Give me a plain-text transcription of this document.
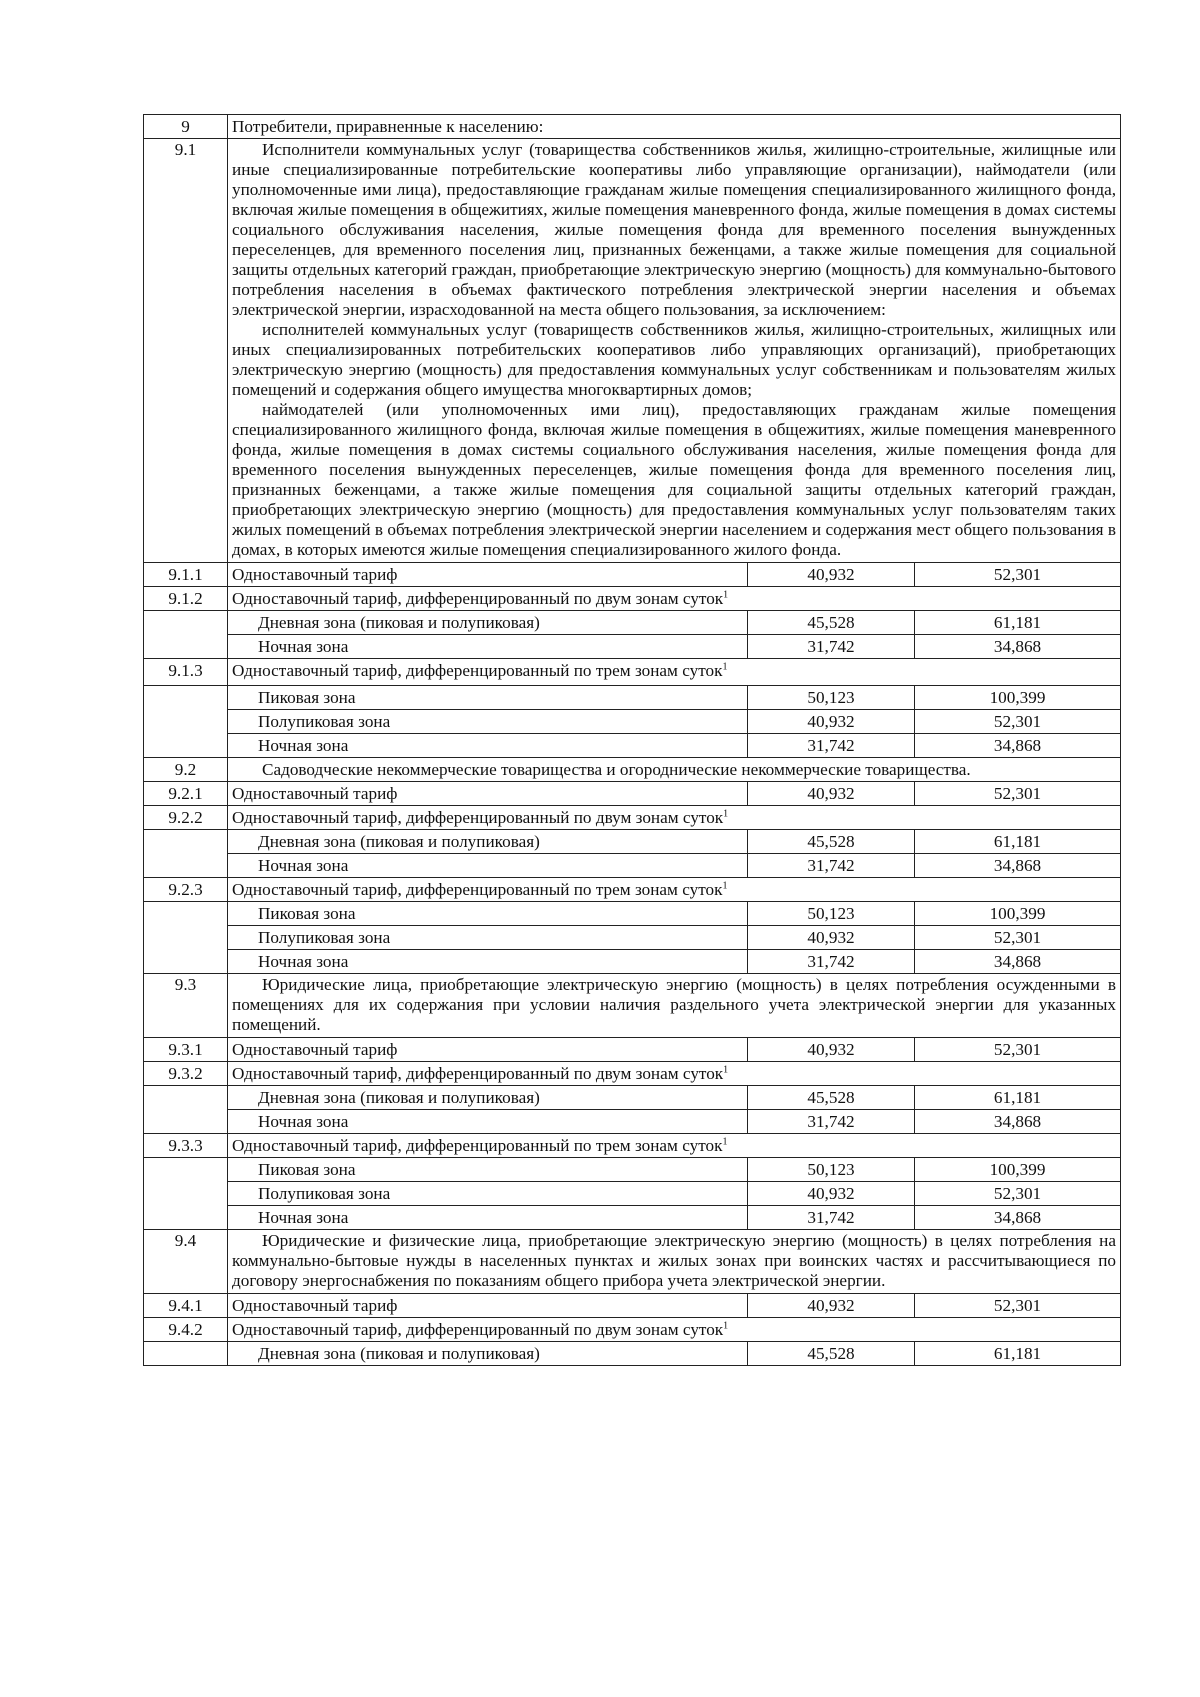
9	Потребители, приравненные к населению:		
9.1	Исполнители коммунальных услуг (товарищества собственников жилья, жилищно-строительные, жилищные или иные специализированные потребительские кооперативы либо управляющие организации), наймодатели (или уполномоченные ими лица), предоставляющие гражданам жилые помещения специализированного жилищного фонда, включая жилые помещения в общежитиях, жилые помещения маневренного фонда, жилые помещения в домах системы социального обслуживания населения, жилые помещения фонда для временного поселения вынужденных переселенцев, для временного поселения лиц, признанных беженцами, а также жилые помещения для социальной защиты отдельных категорий граждан, приобретающие электрическую энергию (мощность) для коммунально-бытового потребления населения в объемах фактического потребления электрической энергии населения и объемах электрической энергии, израсходованной на места общего пользования, за исключением:

исполнителей коммунальных услуг (товариществ собственников жилья, жилищно-строительных, жилищных или иных специализированных потребительских кооперативов либо управляющих организаций), приобретающих электрическую энергию (мощность) для предоставления коммунальных услуг собственникам и пользователям жилых помещений и содержания общего имущества многоквартирных домов;

наймодателей (или уполномоченных ими лиц), предоставляющих гражданам жилые помещения специализированного жилищного фонда, включая жилые помещения в общежитиях, жилые помещения маневренного фонда, жилые помещения в домах системы социального обслуживания населения, жилые помещения фонда для временного поселения вынужденных переселенцев, жилые помещения фонда для временного поселения лиц, признанных беженцами, а также жилые помещения для социальной защиты отдельных категорий граждан, приобретающих электрическую энергию (мощность) для предоставления коммунальных услуг пользователям таких жилых помещений в объемах потребления электрической энергии населением и содержания мест общего пользования в домах, в которых имеются жилые помещения специализированного жилого фонда.		

9.1.1	Одноставочный тариф	40,932	52,301
9.1.2	Одноставочный тариф, дифференцированный по двум зонам суток$^1$
	Дневная зона (пиковая и полупиковая)	45,528	61,181
	Ночная зона	31,742	34,868
9.1.3	Одноставочный тариф, дифференцированный по трем зонам суток$^1$
	Пиковая зона	50,123	100,399
	Полупиковая зона	40,932	52,301
	Ночная зона	31,742	34,868
9.2	Садоводческие некоммерческие товарищества и огороднические некоммерческие товарищества.		
9.2.1	Одноставочный тариф	40,932	52,301
9.2.2	Одноставочный тариф, дифференцированный по двум зонам суток$^1$
	Дневная зона (пиковая и полупиковая)	45,528	61,181
	Ночная зона	31,742	34,868
9.2.3	Одноставочный тариф, дифференцированный по трем зонам суток$^1$
	Пиковая зона	50,123	100,399
	Полупиковая зона	40,932	52,301
	Ночная зона	31,742	34,868
9.3	Юридические лица, приобретающие электрическую энергию (мощность) в целях потребления осужденными в помещениях для их содержания при условии наличия раздельного учета электрической энергии для указанных помещений.		

9.3.1	Одноставочный тариф	40,932	52,301
9.3.2	Одноставочный тариф, дифференцированный по двум зонам суток$^1$
	Дневная зона (пиковая и полупиковая)	45,528	61,181
	Ночная зона	31,742	34,868
9.3.3	Одноставочный тариф, дифференцированный по трем зонам суток$^1$
	Пиковая зона	50,123	100,399
	Полупиковая зона	40,932	52,301
	Ночная зона	31,742	34,868
9.4	Юридические и физические лица, приобретающие электрическую энергию (мощность) в целях потребления на коммунально-бытовые нужды в населенных пунктах и жилых зонах при воинских частях и рассчитывающиеся по договору энергоснабжения по показаниям общего прибора учета электрической энергии.		

9.4.1	Одноставочный тариф	40,932	52,301
9.4.2	Одноставочный тариф, дифференцированный по двум зонам суток$^1$
	Дневная зона (пиковая и полупиковая)	45,528	61,181
